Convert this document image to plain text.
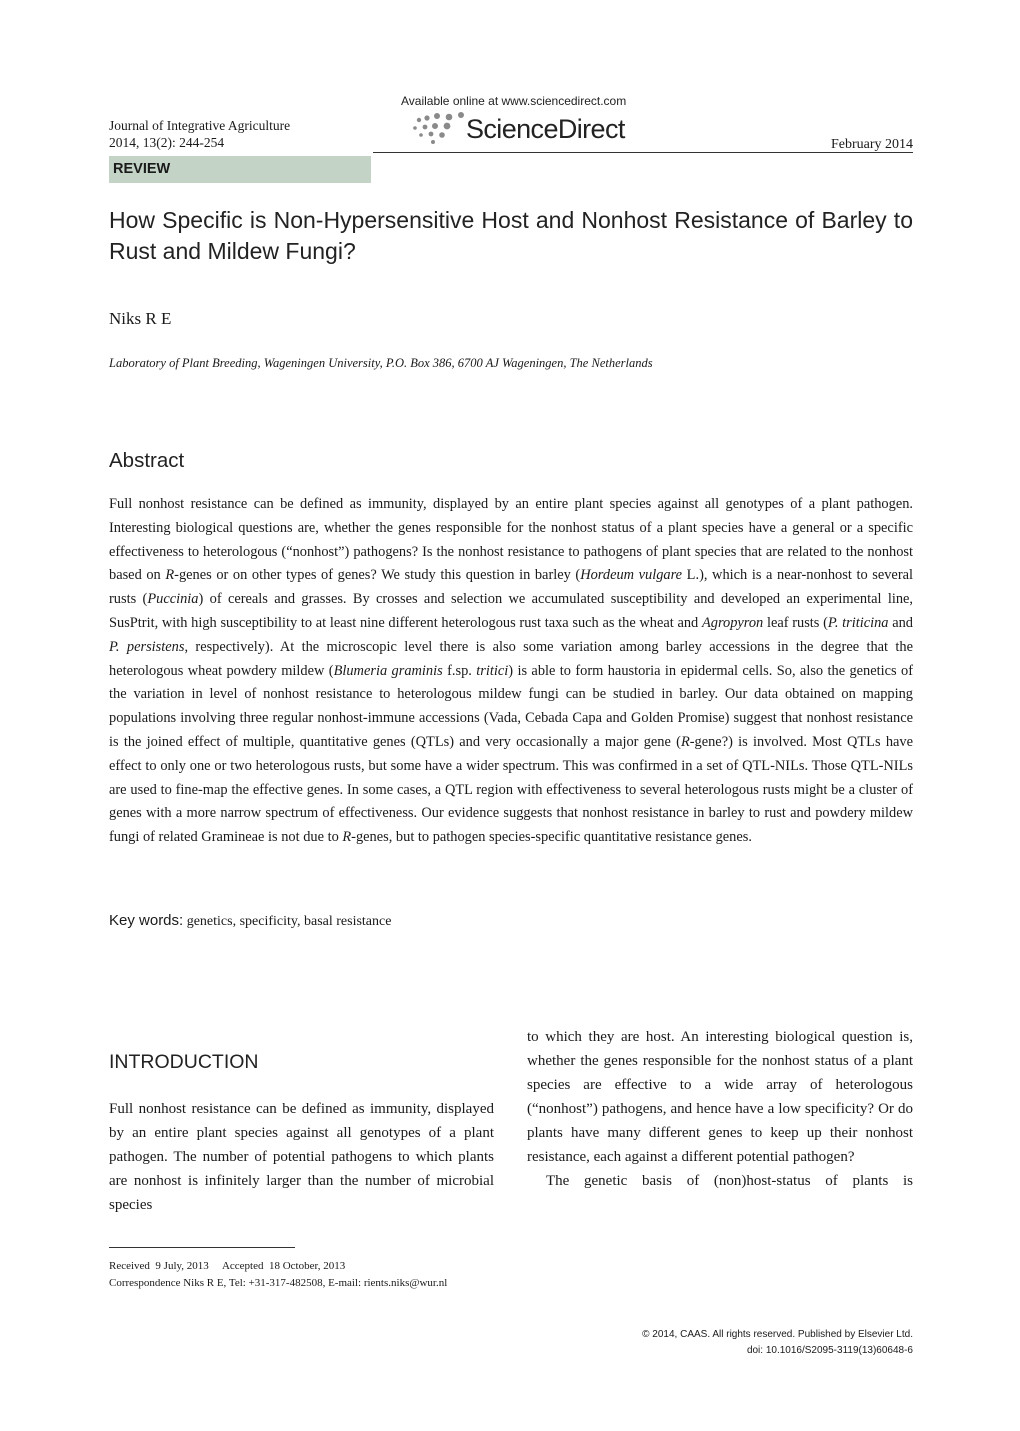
Available online at www.sciencedirect.com
Journal of Integrative Agriculture
2014, 13(2): 244-254	ScienceDirect
February 2014
REVIEW
How Specific is Non-Hypersensitive Host and Nonhost Resistance of Barley to Rust and Mildew Fungi?
Niks R E
Laboratory of Plant Breeding, Wageningen University, P.O. Box 386, 6700 AJ Wageningen, The Netherlands
Abstract

Full nonhost resistance can be defined as immunity, displayed by an entire plant species against all genotypes of a plant pathogen. Interesting biological questions are, whether the genes responsible for the nonhost status of a plant species have a general or a specific effectiveness to heterologous (“nonhost”) pathogens? Is the nonhost resistance to pathogens of plant species that are related to the nonhost based on R-genes or on other types of genes? We study this question in barley (Hordeum vulgare L.), which is a near-nonhost to several rusts (Puccinia) of cereals and grasses. By crosses and selection we accumulated susceptibility and developed an experimental line, SusPtrit, with high susceptibility to at least nine different heterologous rust taxa such as the wheat and Agropyron leaf rusts (P. triticina and P. persistens, respectively). At the microscopic level there is also some variation among barley accessions in the degree that the heterologous wheat powdery mildew (Blumeria graminis f.sp. tritici) is able to form haustoria in epidermal cells. So, also the genetics of the variation in level of nonhost resistance to heterologous mildew fungi can be studied in barley. Our data obtained on mapping populations involving three regular nonhost-immune accessions (Vada, Cebada Capa and Golden Promise) suggest that nonhost resistance is the joined effect of multiple, quantitative genes (QTLs) and very occasionally a major gene (R-gene?) is involved. Most QTLs have effect to only one or two heterologous rusts, but some have a wider spectrum. This was confirmed in a set of QTL-NILs. Those QTL-NILs are used to fine-map the effective genes. In some cases, a QTL region with effectiveness to several heterologous rusts might be a cluster of genes with a more narrow spectrum of effectiveness. Our evidence suggests that nonhost resistance in barley to rust and powdery mildew fungi of related Gramineae is not due to R-genes, but to pathogen species-specific quantitative resistance genes.

Key words: genetics, specificity, basal resistance
INTRODUCTION

Full nonhost resistance can be defined as immunity, displayed by an entire plant species against all genotypes of a plant pathogen. The number of potential pathogens to which plants are nonhost is infinitely larger than the number of microbial species

to which they are host. An interesting biological question is, whether the genes responsible for the nonhost status of a plant species are effective to a wide array of heterologous (“nonhost”) pathogens, and hence have a low specificity? Or do plants have many different genes to keep up their nonhost resistance, each against a different potential pathogen?

The genetic basis of (non)host-status of plants is

Received  9 July, 2013     Accepted  18 October, 2013
Correspondence Niks R E, Tel: +31-317-482508, E-mail: rients.niks@wur.nl
© 2014, CAAS. All rights reserved. Published by Elsevier Ltd.
doi: 10.1016/S2095-3119(13)60648-6
